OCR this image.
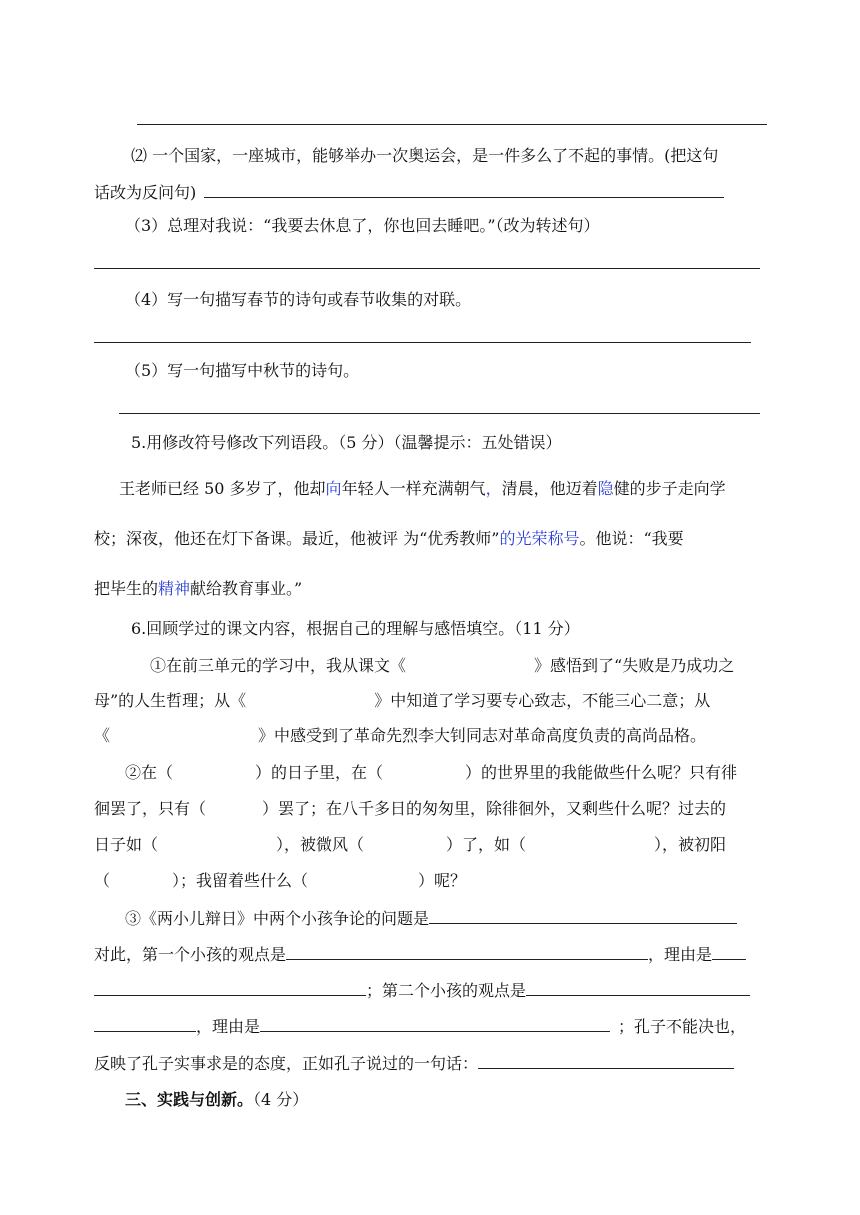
⑵ 一个国家，一座城市，能够举办一次奥运会，是一件多么了不起的事情。(把这句
话改为反问句)
（3）总理对我说：“我要去休息了，你也回去睡吧。”（改为转述句）
（4）写一句描写春节的诗句或春节收集的对联。
（5）写一句描写中秋节的诗句。
5.用修改符号修改下列语段。（5 分）（温馨提示：五处错误）
王老师已经 50 多岁了，他却向年轻人一样充满朝气，清晨，他迈着隐健的步子走向学
校；深夜，他还在灯下备课。最近，他被评 为“优秀教师”的光荣称号。他说：“我要
把毕生的精神献给教育事业。”
6.回顾学过的课文内容，根据自己的理解与感悟填空。（11 分）
①在前三单元的学习中，我从课文《	》感悟到了“失败是乃成功之
母”的人生哲理；从《	》中知道了学习要专心致志，不能三心二意；从
《	》中感受到了革命先烈李大钊同志对革命高度负责的高尚品格。
②在（	）的日子里，在（	）的世界里的我能做些什么呢？只有徘
徊罢了，只有（	）罢了；在八千多日的匆匆里，除徘徊外，又剩些什么呢？过去的
日子如（	），被微风（	）了，如（	），被初阳
（	）；我留着些什么（	）呢？
③《两小儿辩日》中两个小孩争论的问题是
对此，第一个小孩的观点是	，理由是
；第二个小孩的观点是
，理由是	；孔子不能决也，
反映了孔子实事求是的态度，正如孔子说过的一句话：
三、实践与创新。（4 分）
